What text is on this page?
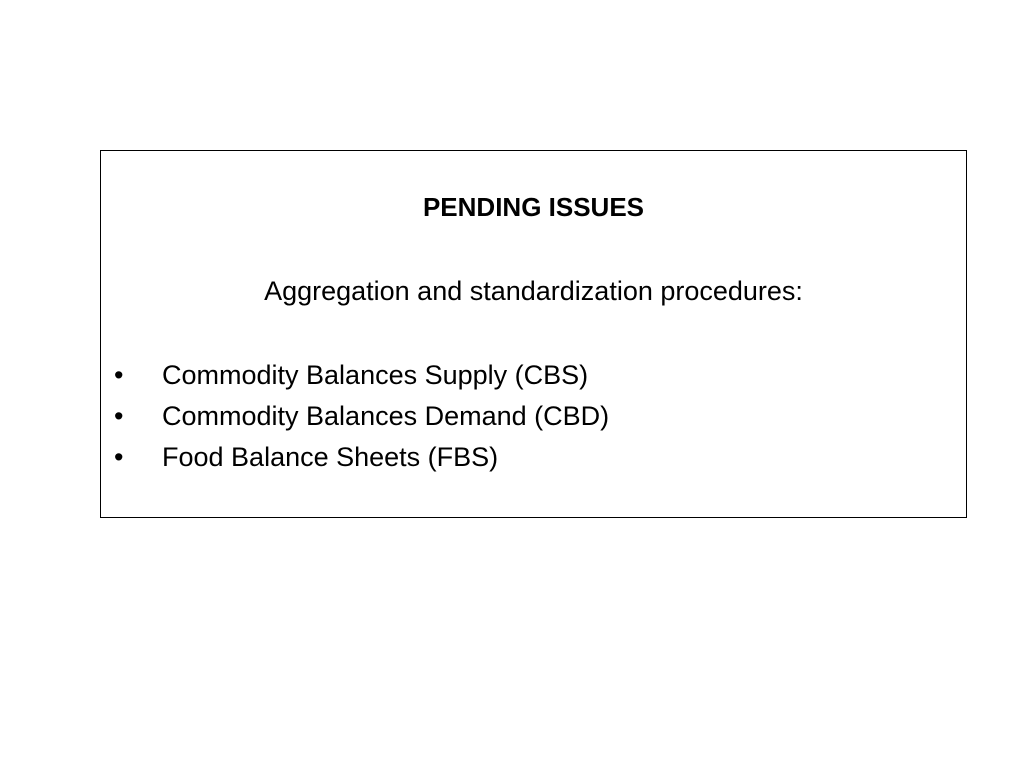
PENDING ISSUES

Aggregation and standardization procedures:

• Commodity Balances Supply (CBS)
• Commodity Balances Demand (CBD)
• Food Balance Sheets (FBS)
